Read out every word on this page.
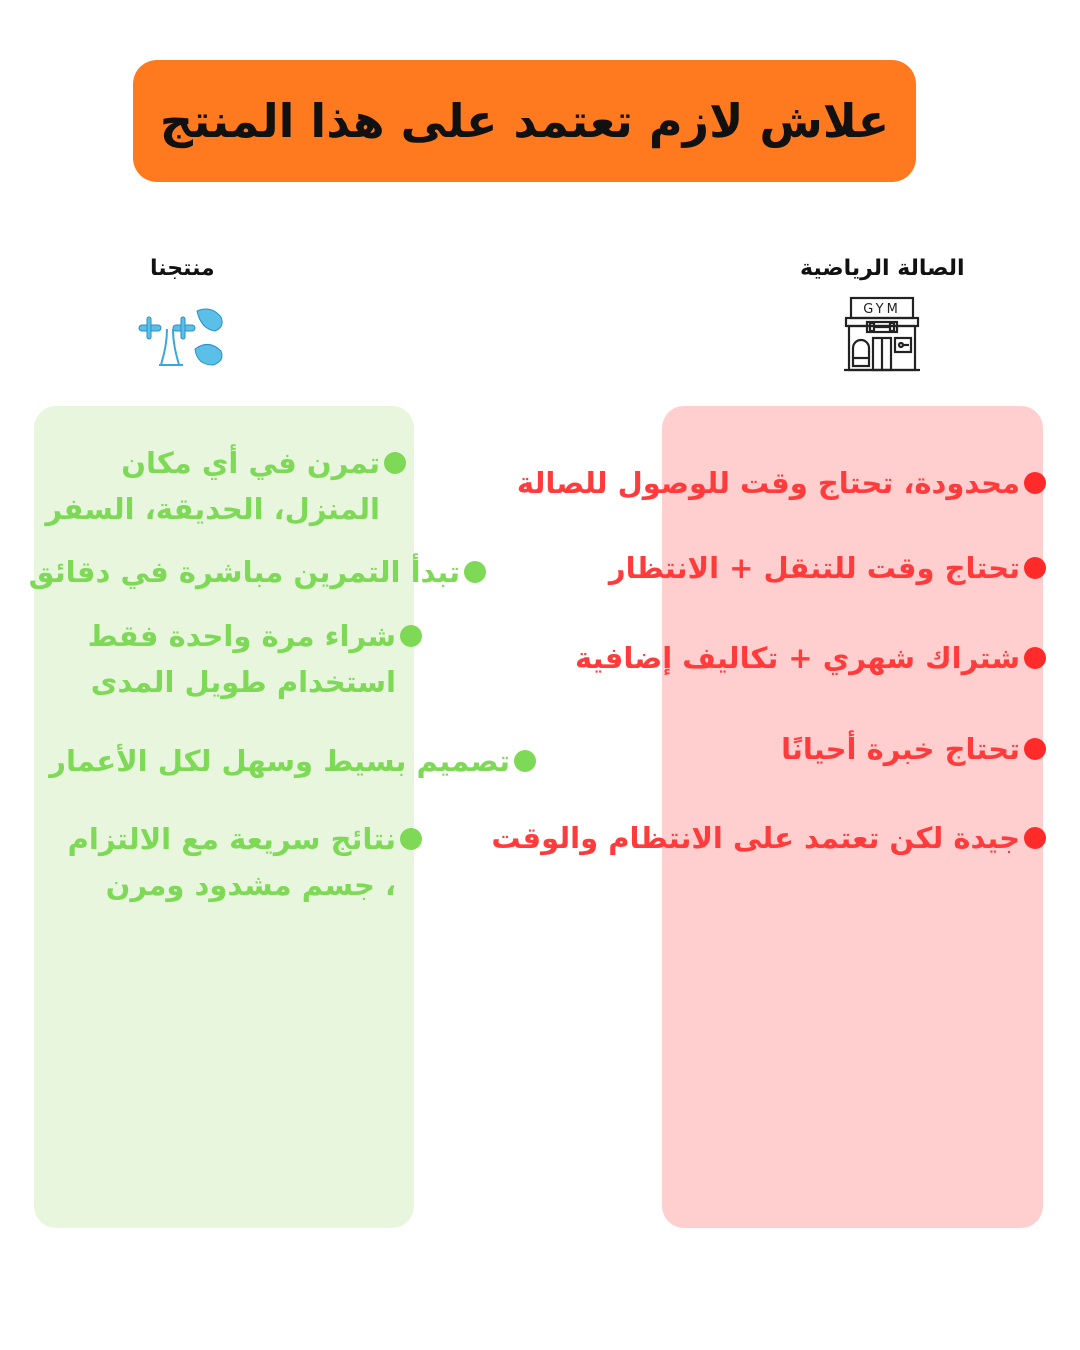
علاش لازم تعتمد على هذا المنتج
الصالة الرياضية
منتجنا
GYM
محدودة، تحتاج وقت للوصول للصالة
تحتاج وقت للتنقل + الانتظار
شتراك شهري + تكاليف إضافية
تحتاج خبرة أحيانًا
جيدة لكن تعتمد على الانتظام والوقت
تمرن في أي مكان
المنزل، الحديقة، السفر
تبدأ التمرين مباشرة في دقائق
شراء مرة واحدة فقط
استخدام طويل المدى
تصميم بسيط وسهل لكل الأعمار
نتائج سريعة مع الالتزام
، جسم مشدود ومرن
